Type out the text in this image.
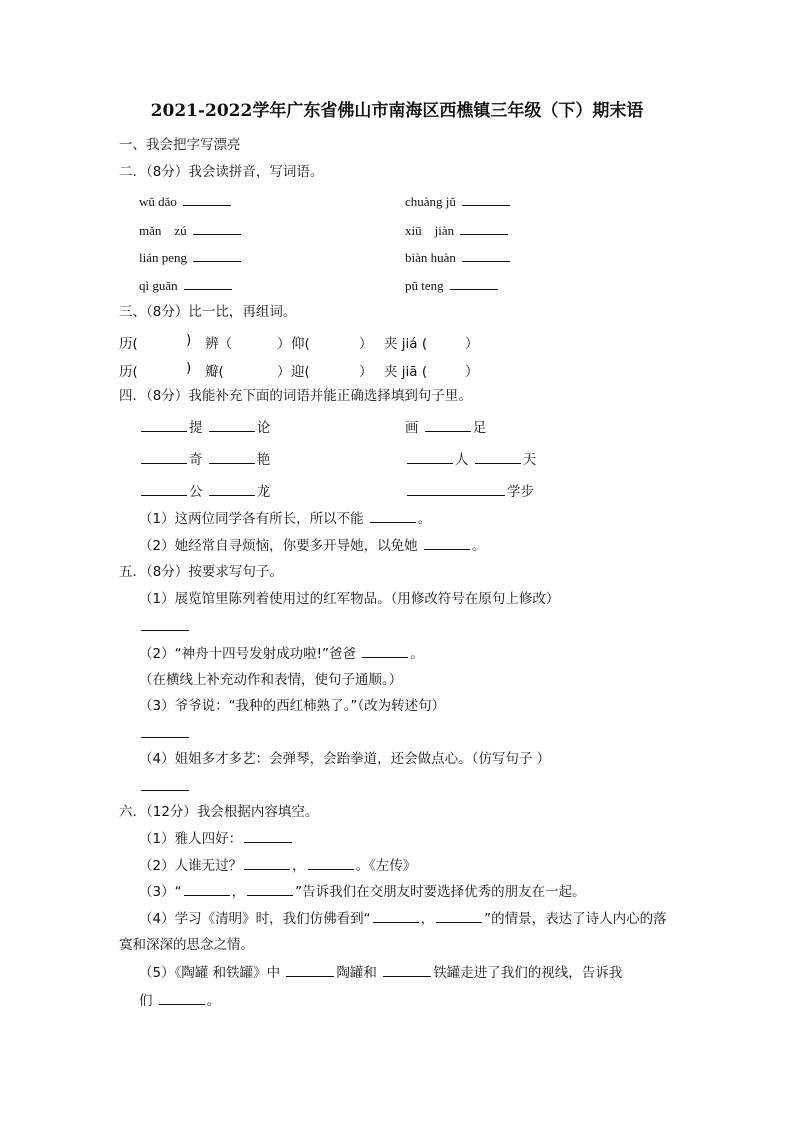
2021-2022学年广东省佛山市南海区西樵镇三年级（下）期末语
一、我会把字写漂亮
二．（8分）我会读拼音，写词语。
wǔ dǎo	chuàng jǔ
mǎn　zú	xiū　jiàn
lián peng	biàn huàn
qì guān	pū teng
三、（8分）比一比，再组词。
历(	) 辨（	） 仰(	） 夹 jiá (	）
历(	) 瓣(	） 迎(	） 夹 jiā (	）
四．（8分）我能补充下面的词语并能正确选择填到句子里。
提	论	画	足
奇	艳	人	天
公	龙	学步
（1）这两位同学各有所长，所以不能	。
（2）她经常自寻烦恼，你要多开导她，以免她	。
五．（8分）按要求写句子。
（1）展览馆里陈列着使用过的红军物品。（用修改符号在原句上修改）
（2）“神舟十四号发射成功啦!”爸爸	。
（在横线上补充动作和表情，使句子通顺。）
（3）爷爷说：“我种的西红柿熟了。”（改为转述句）
（4）姐姐多才多艺：会弹琴，会跆拳道，还会做点心。（仿写句子 ）
六．（12分）我会根据内容填空。
（1）雅人四好：
（2）人谁无过？	，	。《左传》
（3）“	，	”告诉我们在交朋友时要选择优秀的朋友在一起。
（4）学习《清明》时，我们仿佛看到“	，	”的情景，表达了诗人内心的落
寞和深深的思念之情。
（5）《陶罐 和铁罐》中	陶罐和	铁罐走进了我们的视线，告诉我
们	。
